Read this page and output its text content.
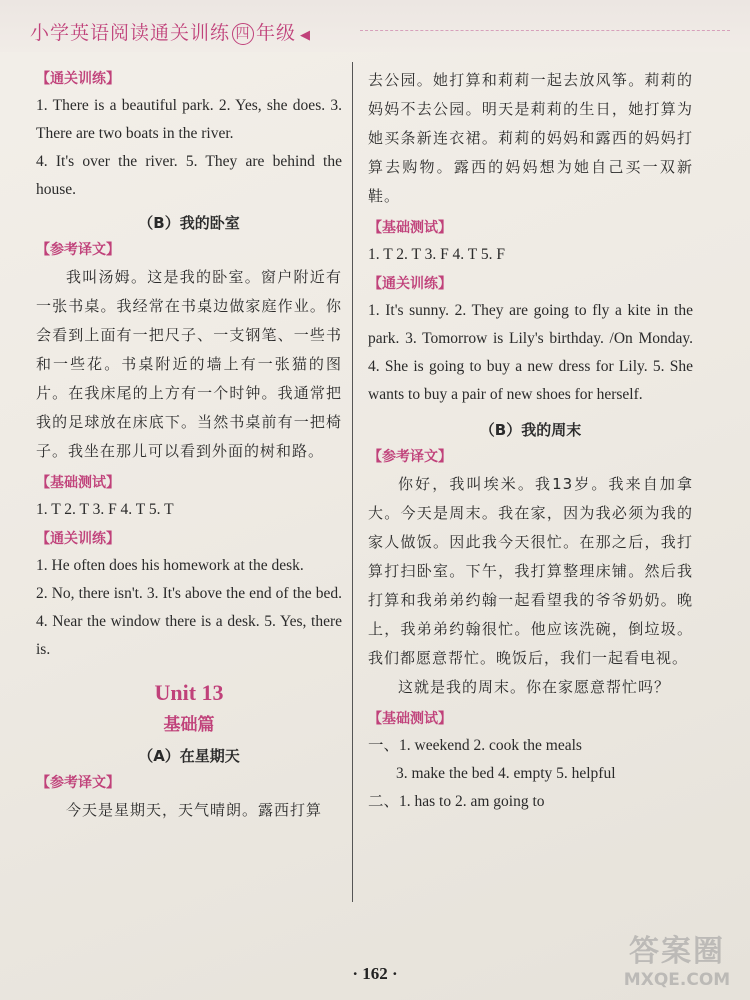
小学英语阅读通关训练 四 年级 ◀
【通关训练】
1. There is a beautiful park. 2. Yes, she does. 3. There are two boats in the river.
4. It's over the river. 5. They are behind the house.
（B）我的卧室
【参考译文】

我叫汤姆。这是我的卧室。窗户附近有一张书桌。我经常在书桌边做家庭作业。你会看到上面有一把尺子、一支钢笔、一些书和一些花。书桌附近的墙上有一张猫的图片。在我床尾的上方有一个时钟。我通常把我的足球放在床底下。当然书桌前有一把椅子。我坐在那儿可以看到外面的树和路。

【基础测试】
1. T 2. T 3. F 4. T 5. T
【通关训练】
1. He often does his homework at the desk.
2. No, there isn't. 3. It's above the end of the bed. 4. Near the window there is a desk. 5. Yes, there is.
Unit 13
基础篇
（A）在星期天
【参考译文】

今天是星期天，天气晴朗。露西打算

去公园。她打算和莉莉一起去放风筝。莉莉的妈妈不去公园。明天是莉莉的生日，她打算为她买条新连衣裙。莉莉的妈妈和露西的妈妈打算去购物。露西的妈妈想为她自己买一双新鞋。

【基础测试】
1. T 2. T 3. F 4. T 5. F
【通关训练】
1. It's sunny. 2. They are going to fly a kite in the park. 3. Tomorrow is Lily's birthday. /On Monday. 4. She is going to buy a new dress for Lily. 5. She wants to buy a pair of new shoes for herself.
（B）我的周末
【参考译文】

你好，我叫埃米。我13岁。我来自加拿大。今天是周末。我在家，因为我必须为我的家人做饭。因此我今天很忙。在那之后，我打算打扫卧室。下午，我打算整理床铺。然后我打算和我弟弟约翰一起看望我的爷爷奶奶。晚上，我弟弟约翰很忙。他应该洗碗，倒垃圾。我们都愿意帮忙。晚饭后，我们一起看电视。

这就是我的周末。你在家愿意帮忙吗？

【基础测试】
一、1. weekend 2. cook the meals
3. make the bed 4. empty 5. helpful
二、1. has to 2. am going to
· 162 ·
答案圈
MXQE.COM
